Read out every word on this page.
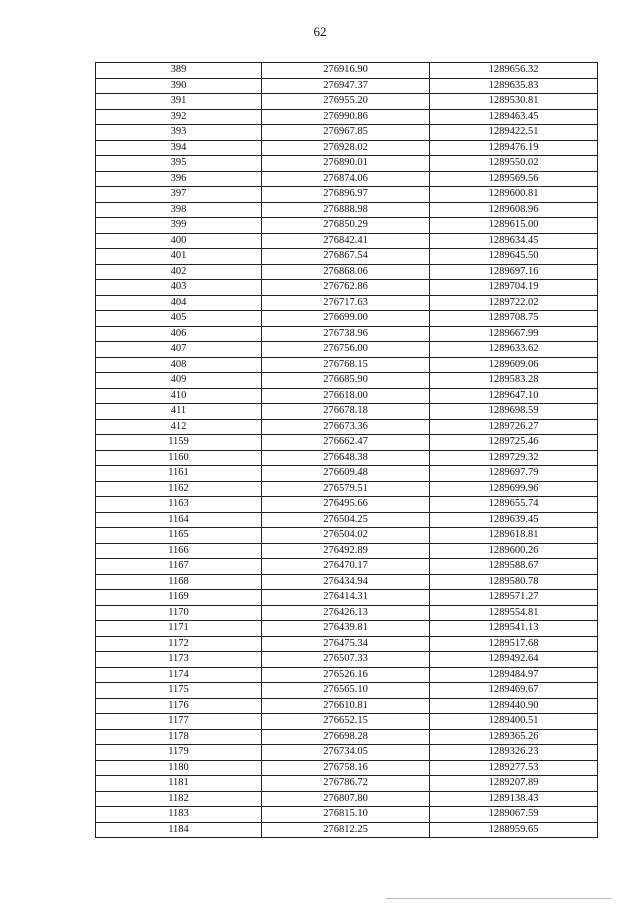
62
389	276916.90	1289656.32
390	276947.37	1289635.83
391	276955.20	1289530.81
392	276990.86	1289463.45
393	276967.85	1289422.51
394	276928.02	1289476.19
395	276890.01	1289550.02
396	276874.06	1289569.56
397	276896.97	1289600.81
398	276888.98	1289608.96
399	276850.29	1289615.00
400	276842.41	1289634.45
401	276867.54	1289645.50
402	276868.06	1289697.16
403	276762.86	1289704.19
404	276717.63	1289722.02
405	276699.00	1289708.75
406	276738.96	1289667.99
407	276756.00	1289633.62
408	276768.15	1289609.06
409	276685.90	1289583.28
410	276618.00	1289647.10
411	276678.18	1289698.59
412	276673.36	1289726.27
1159	276662.47	1289725.46
1160	276648.38	1289729.32
1161	276609.48	1289697.79
1162	276579.51	1289699.96
1163	276495.66	1289655.74
1164	276504.25	1289639.45
1165	276504.02	1289618.81
1166	276492.89	1289600.26
1167	276470.17	1289588.67
1168	276434.94	1289580.78
1169	276414.31	1289571.27
1170	276426.13	1289554.81
1171	276439.81	1289541.13
1172	276475.34	1289517.68
1173	276507.33	1289492.64
1174	276526.16	1289484.97
1175	276565.10	1289469.67
1176	276610.81	1289440.90
1177	276652.15	1289400.51
1178	276698.28	1289365.26
1179	276734.05	1289326.23
1180	276758.16	1289277.53
1181	276786.72	1289207.89
1182	276807.80	1289138.43
1183	276815.10	1289067.59
1184	276812.25	1288959.65
